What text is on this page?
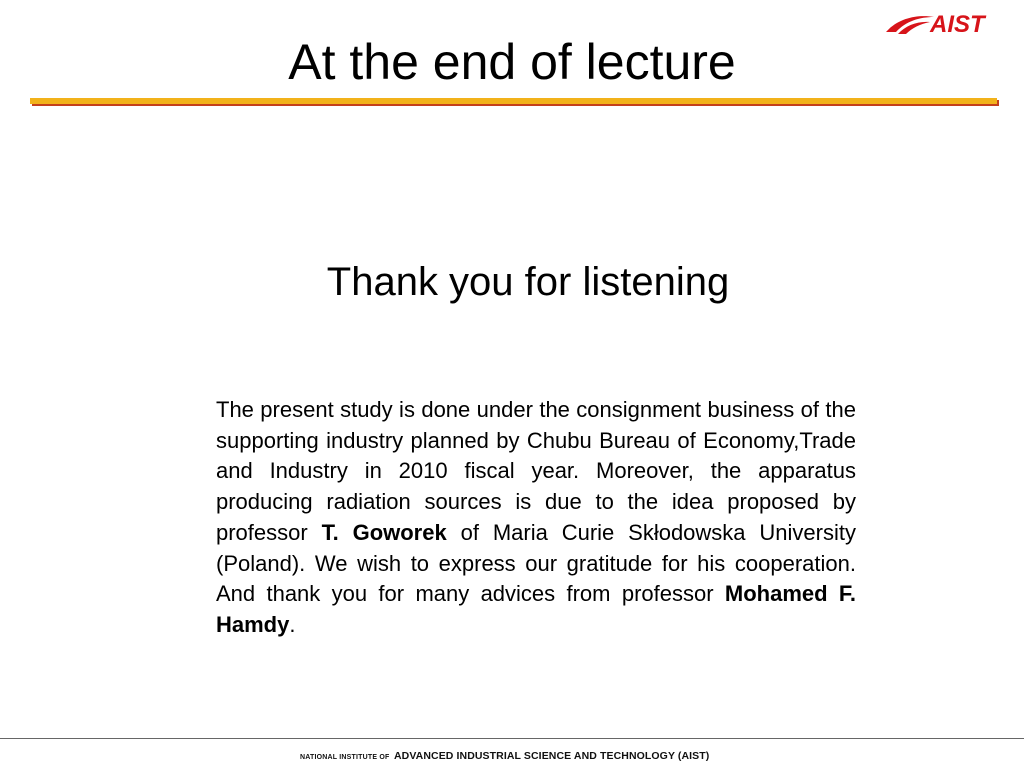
AIST
At the end of lecture
Thank you for listening

The present study is done under the consignment business of the supporting industry planned by Chubu Bureau of Economy,Trade and Industry in 2010 fiscal year. Moreover, the apparatus producing radiation sources is due to the idea proposed by professor T. Goworek of Maria Curie Skłodowska University (Poland). We wish to express our gratitude for his cooperation. And thank you for many advices from professor Mohamed F. Hamdy.

NATIONAL INSTITUTE OF ADVANCED INDUSTRIAL SCIENCE AND TECHNOLOGY (AIST)
